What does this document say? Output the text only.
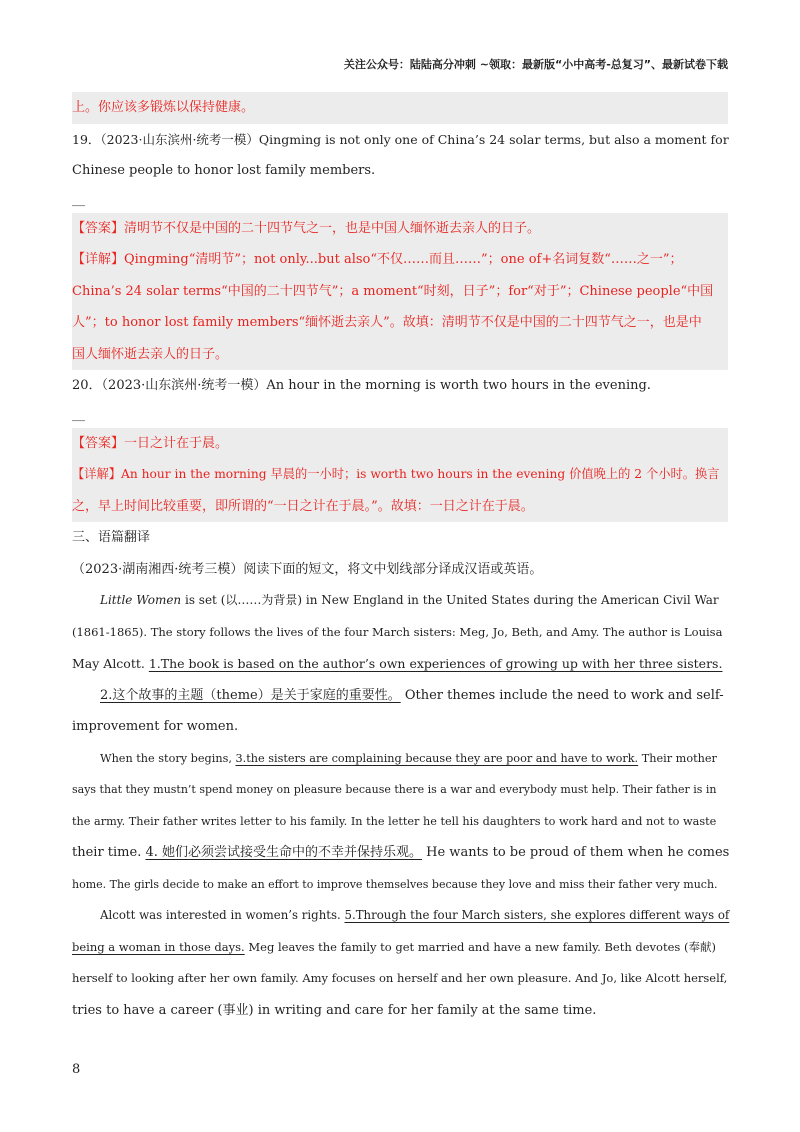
关注公众号：陆陆高分冲刺 ~领取：最新版“小中高考-总复习”、最新试卷下载
上。你应该多锻炼以保持健康。
19．（2023·山东滨州·统考一模）Qingming is not only one of China’s 24 solar terms, but also a moment for
Chinese people to honor lost family members.
__
【答案】清明节不仅是中国的二十四节气之一，也是中国人缅怀逝去亲人的日子。
【详解】Qingming“清明节”；not only...but also“不仅……而且……”；one of+名词复数“……之一”；
China’s 24 solar terms“中国的二十四节气”；a moment“时刻，日子”；for“对于”；Chinese people“中国
人”；to honor lost family members“缅怀逝去亲人”。故填：清明节不仅是中国的二十四节气之一，也是中
国人缅怀逝去亲人的日子。
20．（2023·山东滨州·统考一模）An hour in the morning is worth two hours in the evening.
__
【答案】一日之计在于晨。
【详解】An hour in the morning 早晨的一小时；is worth two hours in the evening 价值晚上的 2 个小时。换言
之，早上时间比较重要，即所谓的“一日之计在于晨。”。故填：一日之计在于晨。
三、语篇翻译
（2023·湖南湘西·统考三模）阅读下面的短文，将文中划线部分译成汉语或英语。
Little Women is set (以……为背景) in New England in the United States during the American Civil War
(1861-1865). The story follows the lives of the four March sisters: Meg, Jo, Beth, and Amy. The author is Louisa
May Alcott. 1.The book is based on the author’s own experiences of growing up with her three sisters.
2.这个故事的主题（theme）是关于家庭的重要性。 Other themes include the need to work and self-
improvement for women.
When the story begins, 3.the sisters are complaining because they are poor and have to work. Their mother
says that they mustn’t spend money on pleasure because there is a war and everybody must help. Their father is in
the army. Their father writes letter to his family. In the letter he tell his daughters to work hard and not to waste
their time. 4. 她们必须尝试接受生命中的不幸并保持乐观。 He wants to be proud of them when he comes
home. The girls decide to make an effort to improve themselves because they love and miss their father very much.
Alcott was interested in women’s rights. 5.Through the four March sisters, she explores different ways of
being a woman in those days. Meg leaves the family to get married and have a new family. Beth devotes (奉献)
herself to looking after her own family. Amy focuses on herself and her own pleasure. And Jo, like Alcott herself,
tries to have a career (事业) in writing and care for her family at the same time.
8
